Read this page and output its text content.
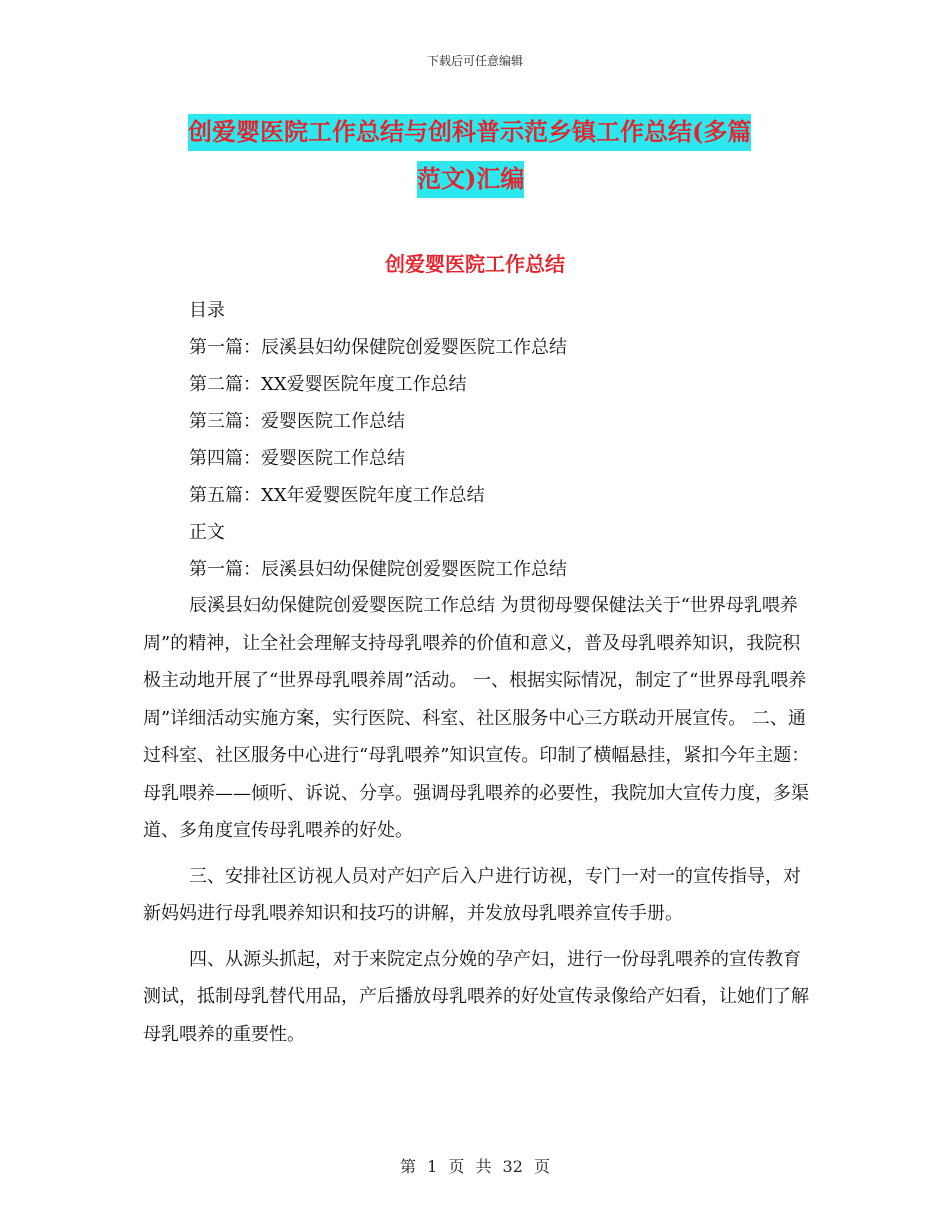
下载后可任意编辑
创爱婴医院工作总结与创科普示范乡镇工作总结(多篇
范文)汇编
创爱婴医院工作总结
目录
第一篇：辰溪县妇幼保健院创爱婴医院工作总结
第二篇：XX爱婴医院年度工作总结
第三篇：爱婴医院工作总结
第四篇：爱婴医院工作总结
第五篇：XX年爱婴医院年度工作总结
正文
第一篇：辰溪县妇幼保健院创爱婴医院工作总结

辰溪县妇幼保健院创爱婴医院工作总结 为贯彻母婴保健法关于“世界母乳喂养周”的精神，让全社会理解支持母乳喂养的价值和意义，普及母乳喂养知识，我院积极主动地开展了“世界母乳喂养周”活动。 一、根据实际情况，制定了“世界母乳喂养周”详细活动实施方案，实行医院、科室、社区服务中心三方联动开展宣传。 二、通过科室、社区服务中心进行“母乳喂养”知识宣传。印制了横幅悬挂，紧扣今年主题：母乳喂养——倾听、诉说、分享。强调母乳喂养的必要性，我院加大宣传力度，多渠道、多角度宣传母乳喂养的好处。

三、安排社区访视人员对产妇产后入户进行访视，专门一对一的宣传指导，对新妈妈进行母乳喂养知识和技巧的讲解，并发放母乳喂养宣传手册。

四、从源头抓起，对于来院定点分娩的孕产妇，进行一份母乳喂养的宣传教育测试，抵制母乳替代用品，产后播放母乳喂养的好处宣传录像给产妇看，让她们了解母乳喂养的重要性。

第 1 页 共 32 页
